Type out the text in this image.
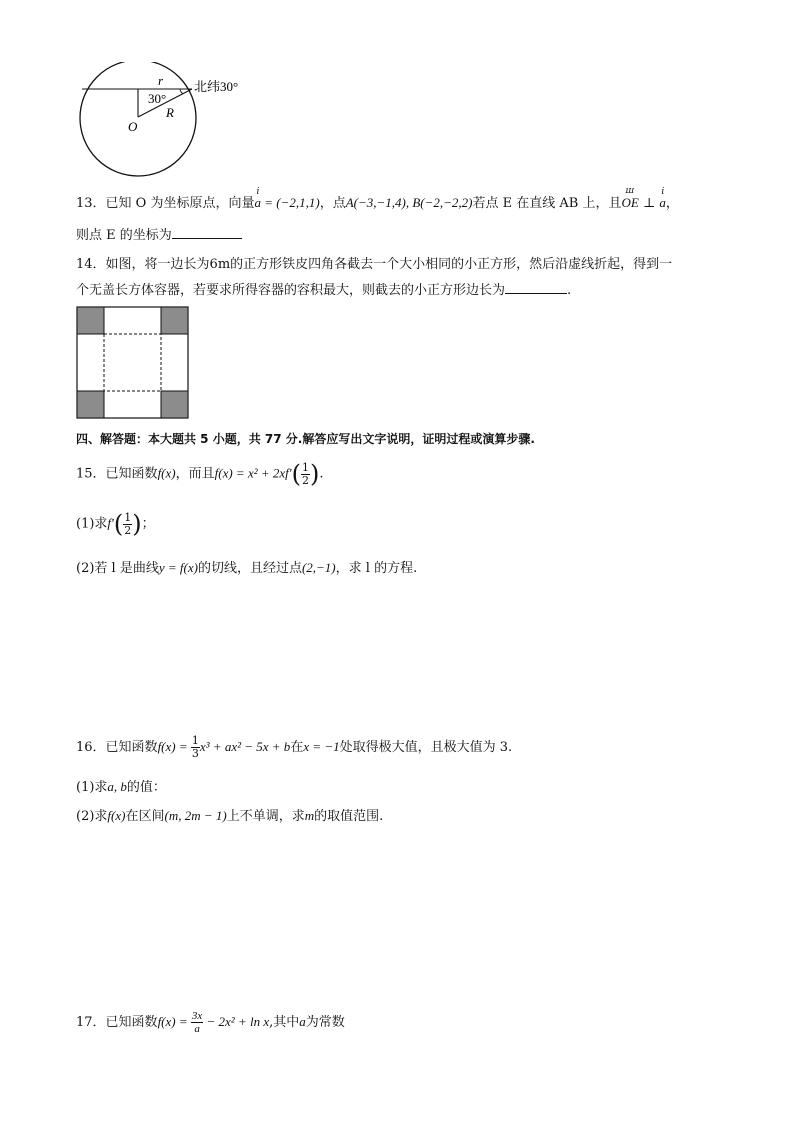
r
30°
R
O
北纬30°
13．已知 O 为坐标原点，向量a
ⅰ
= (−2,1,1)，点A(−3,−1,4), B(−2,−2,2)若点 E 在直线 AB 上，且OE
ꟺ
⊥ a
ⅰ
，
则点 E 的坐标为
14．如图，将一边长为6m的正方形铁皮四角各截去一个大小相同的小正方形，然后沿虚线折起，得到一
个无盖长方体容器，若要求所得容器的容积最大，则截去的小正方形边长为	.
四、解答题：本大题共 5 小题，共 77 分.解答应写出文字说明，证明过程或演算步骤.
15．已知函数f(x)，而且$f(x) = x^2 + 2xf'( \frac{1}{2}$ ).
(1)求$f'( \frac{1}{2}$ )；
(2)若 l 是曲线y = f(x)的切线，且经过点(2,−1)，求 l 的方程.
16．已知函数$f(x) = \frac{1}{3} x^3 + ax^2 - 5x + b$在x = −1处取得极大值，且极大值为 3.
(1)求a, b的值：
(2)求f(x)在区间(m, 2m − 1)上不单调，求m的取值范围.
17．已知函数$f(x) = \frac{3x}{a} - 2x^2 + \ln x$,其中a为常数
